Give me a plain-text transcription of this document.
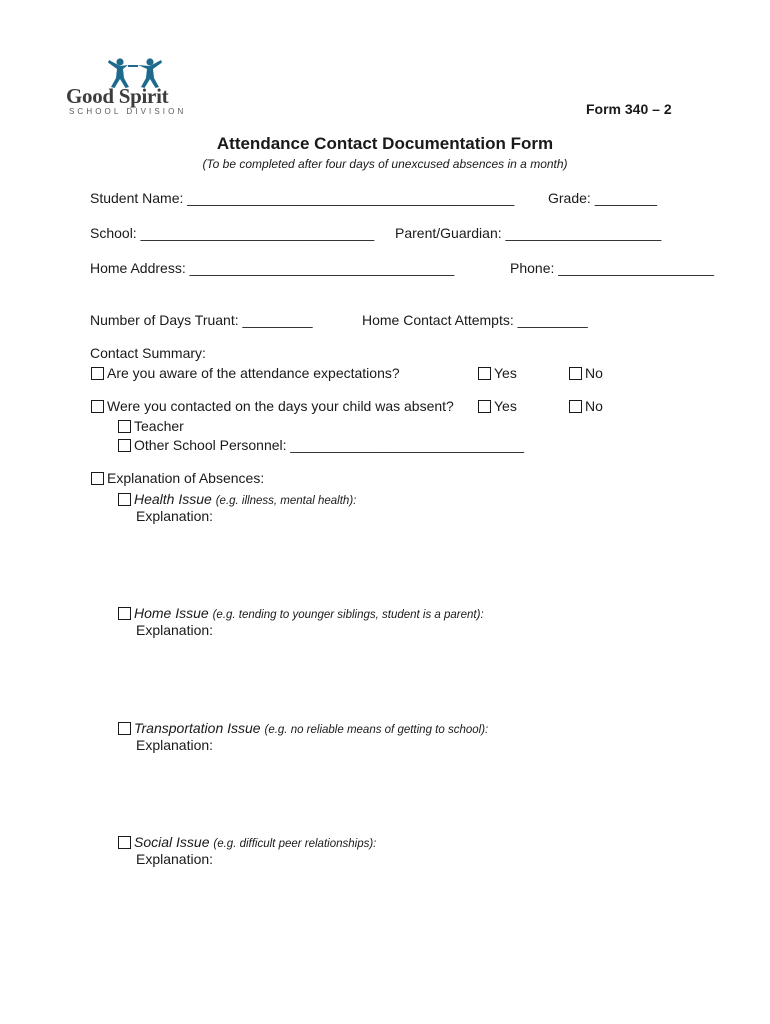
Good Spirit
SCHOOL DIVISION	Form 340 – 2
Attendance Contact Documentation Form
(To be completed after four days of unexcused absences in a month)
Student Name: __________________________________________ Grade: ________
School: ______________________________ Parent/Guardian: ____________________
Home Address: __________________________________	Phone: ____________________
Number of Days Truant: _________	Home Contact Attempts: _________
Contact Summary:
Are you aware of the attendance expectations?	Yes	No
Were you contacted on the days your child was absent?	Yes	No
Teacher
Other School Personnel: ______________________________
Explanation of Absences:
Health Issue (e.g. illness, mental health):
Explanation:
Home Issue (e.g. tending to younger siblings, student is a parent):
Explanation:
Transportation Issue (e.g. no reliable means of getting to school):
Explanation:
Social Issue (e.g. difficult peer relationships):
Explanation:
